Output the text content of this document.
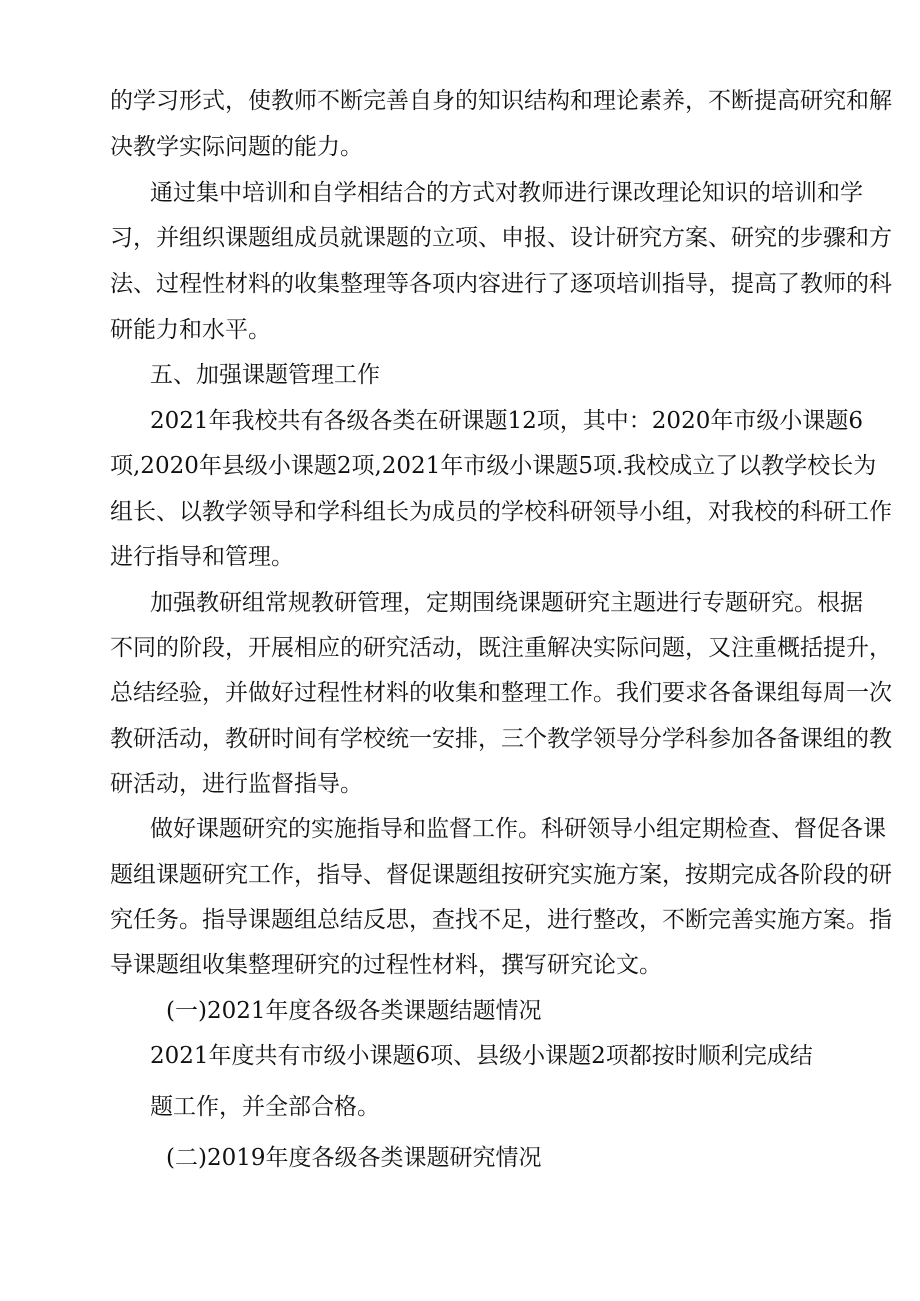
的学习形式，使教师不断完善自身的知识结构和理论素养，不断提高研究和解
决教学实际问题的能力。
通过集中培训和自学相结合的方式对教师进行课改理论知识的培训和学
习，并组织课题组成员就课题的立项、申报、设计研究方案、研究的步骤和方
法、过程性材料的收集整理等各项内容进行了逐项培训指导，提高了教师的科
研能力和水平。
五、加强课题管理工作
2021年我校共有各级各类在研课题12项，其中：2020年市级小课题6
项,2020年县级小课题2项,2021年市级小课题5项.我校成立了以教学校长为
组长、以教学领导和学科组长为成员的学校科研领导小组，对我校的科研工作
进行指导和管理。
加强教研组常规教研管理，定期围绕课题研究主题进行专题研究。根据
不同的阶段，开展相应的研究活动，既注重解决实际问题，又注重概括提升，
总结经验，并做好过程性材料的收集和整理工作。我们要求各备课组每周一次
教研活动，教研时间有学校统一安排，三个教学领导分学科参加各备课组的教
研活动，进行监督指导。
做好课题研究的实施指导和监督工作。科研领导小组定期检查、督促各课
题组课题研究工作，指导、督促课题组按研究实施方案，按期完成各阶段的研
究任务。指导课题组总结反思，查找不足，进行整改，不断完善实施方案。指
导课题组收集整理研究的过程性材料，撰写研究论文。
(一)2021年度各级各类课题结题情况
2021年度共有市级小课题6项、县级小课题2项都按时顺利完成结
题工作，并全部合格。
(二)2019年度各级各类课题研究情况
